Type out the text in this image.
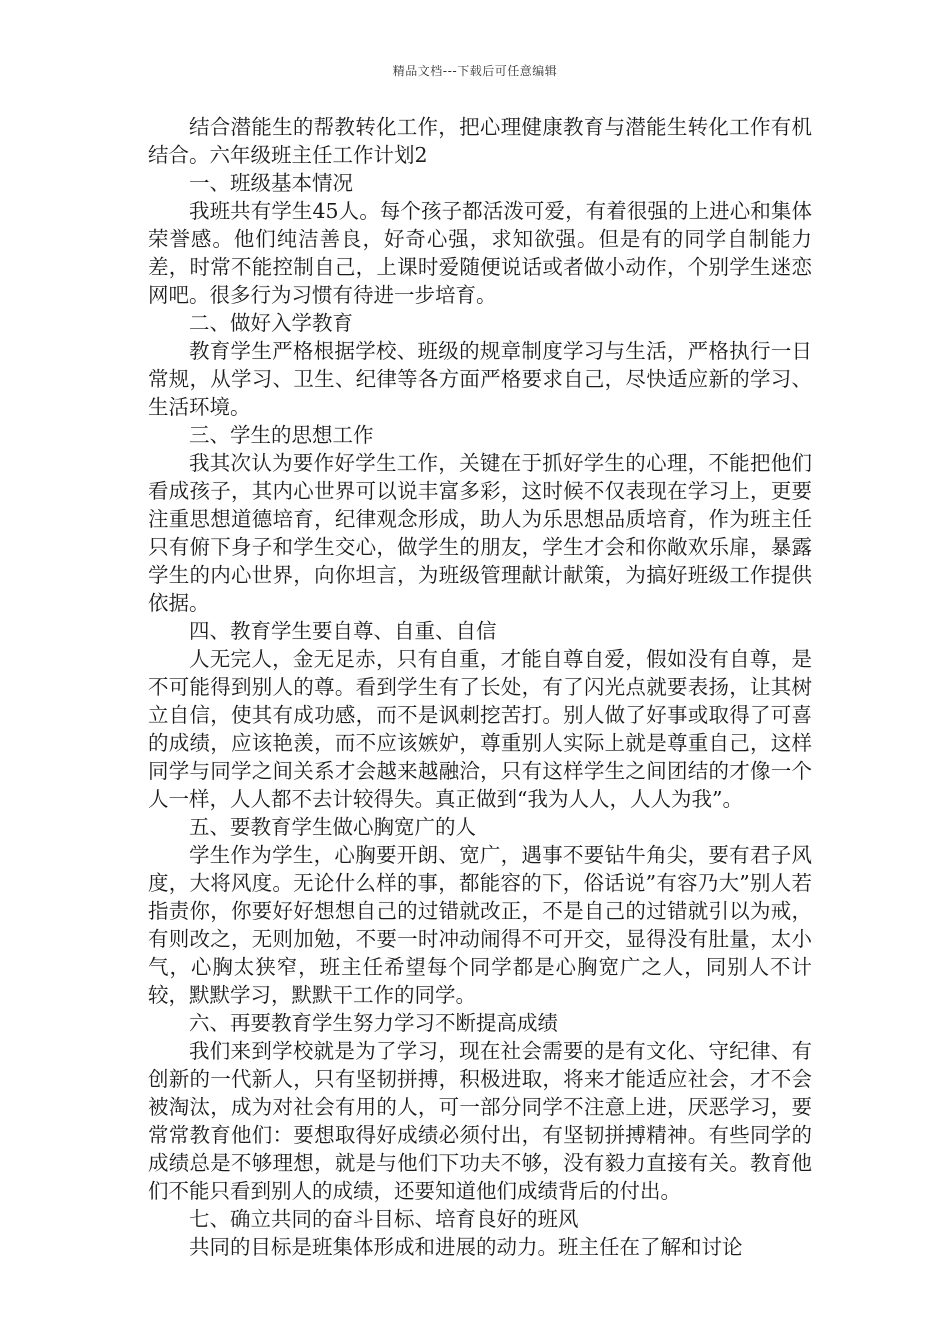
精品文档---下载后可任意编辑

结合潜能生的帮教转化工作，把心理健康教育与潜能生转化工作有机结合。六年级班主任工作计划2

一、班级基本情况

我班共有学生45人。每个孩子都活泼可爱，有着很强的上进心和集体荣誉感。他们纯洁善良，好奇心强，求知欲强。但是有的同学自制能力差，时常不能控制自己，上课时爱随便说话或者做小动作，个别学生迷恋网吧。很多行为习惯有待进一步培育。

二、做好入学教育

教育学生严格根据学校、班级的规章制度学习与生活，严格执行一日常规，从学习、卫生、纪律等各方面严格要求自己，尽快适应新的学习、生活环境。

三、学生的思想工作

我其次认为要作好学生工作，关键在于抓好学生的心理，不能把他们看成孩子，其内心世界可以说丰富多彩，这时候不仅表现在学习上，更要注重思想道德培育，纪律观念形成，助人为乐思想品质培育，作为班主任只有俯下身子和学生交心，做学生的朋友，学生才会和你敞欢乐扉，暴露学生的内心世界，向你坦言，为班级管理献计献策，为搞好班级工作提供依据。

四、教育学生要自尊、自重、自信

人无完人，金无足赤，只有自重，才能自尊自爱，假如没有自尊，是不可能得到别人的尊。看到学生有了长处，有了闪光点就要表扬，让其树立自信，使其有成功感，而不是讽刺挖苦打。别人做了好事或取得了可喜的成绩，应该艳羡，而不应该嫉妒，尊重别人实际上就是尊重自己，这样同学与同学之间关系才会越来越融洽，只有这样学生之间团结的才像一个人一样，人人都不去计较得失。真正做到“我为人人，人人为我”。

五、要教育学生做心胸宽广的人

学生作为学生，心胸要开朗、宽广，遇事不要钻牛角尖，要有君子风度，大将风度。无论什么样的事，都能容的下，俗话说”有容乃大”别人若指责你，你要好好想想自己的过错就改正，不是自己的过错就引以为戒，有则改之，无则加勉，不要一时冲动闹得不可开交，显得没有肚量，太小气，心胸太狭窄，班主任希望每个同学都是心胸宽广之人，同别人不计较，默默学习，默默干工作的同学。

六、再要教育学生努力学习不断提高成绩

我们来到学校就是为了学习，现在社会需要的是有文化、守纪律、有创新的一代新人，只有坚韧拼搏，积极进取，将来才能适应社会，才不会被淘汰，成为对社会有用的人，可一部分同学不注意上进，厌恶学习，要常常教育他们：要想取得好成绩必须付出，有坚韧拼搏精神。有些同学的成绩总是不够理想，就是与他们下功夫不够，没有毅力直接有关。教育他们不能只看到别人的成绩，还要知道他们成绩背后的付出。

七、确立共同的奋斗目标、培育良好的班风

共同的目标是班集体形成和进展的动力。班主任在了解和讨论
